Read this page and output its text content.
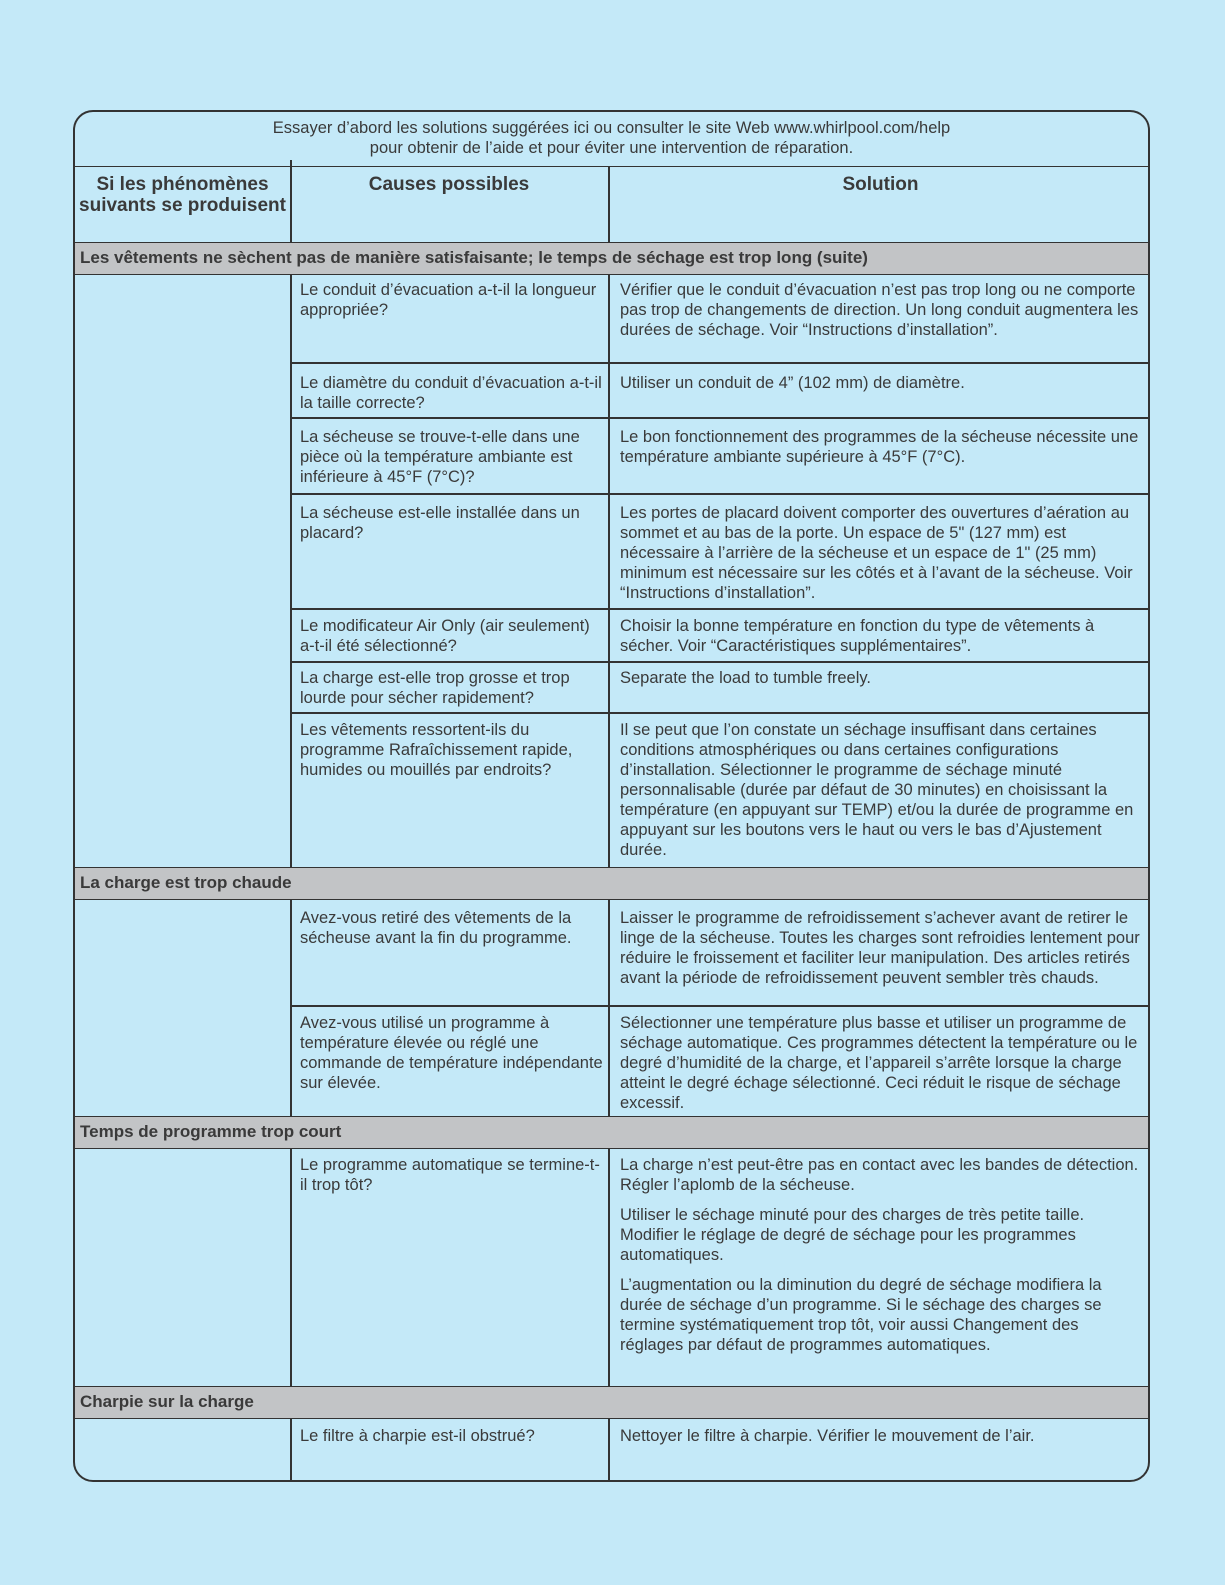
Essayer d’abord les solutions suggérées ici ou consulter le site Web www.whirlpool.com/help
pour obtenir de l’aide et pour éviter une intervention de réparation.
Si les phénomènes suivants se produisent
Causes possibles	Solution
Les vêtements ne sèchent pas de manière satisfaisante; le temps de séchage est trop long (suite)
Le conduit d’évacuation a-t-il la longueur appropriée?
Vérifier que le conduit d’évacuation n’est pas trop long ou ne comporte pas trop de changements de direction. Un long conduit augmentera les durées de séchage. Voir “Instructions d’installation”.
Le diamètre du conduit d’évacuation a-t-il la taille correcte?
Utiliser un conduit de 4” (102 mm) de diamètre.
La sécheuse se trouve-t-elle dans une pièce où la température ambiante est inférieure à 45°F (7°C)?
Le bon fonctionnement des programmes de la sécheuse nécessite une température ambiante supérieure à 45°F (7°C).
La sécheuse est-elle installée dans un placard?
Les portes de placard doivent comporter des ouvertures d’aération au sommet et au bas de la porte. Un espace de 5" (127 mm) est nécessaire à l’arrière de la sécheuse et un espace de 1" (25 mm) minimum est nécessaire sur les côtés et à l’avant de la sécheuse. Voir “Instructions d’installation”.
Le modificateur Air Only (air seulement) a-t-il été sélectionné?
Choisir la bonne température en fonction du type de vêtements à sécher. Voir “Caractéristiques supplémentaires”.
La charge est-elle trop grosse et trop lourde pour sécher rapidement?
Separate the load to tumble freely.
Les vêtements ressortent-ils du programme Rafraîchissement rapide, humides ou mouillés par endroits?
Il se peut que l’on constate un séchage insuffisant dans certaines conditions atmosphériques ou dans certaines configurations d’installation. Sélectionner le programme de séchage minuté personnalisable (durée par défaut de 30 minutes) en choisissant la température (en appuyant sur TEMP) et/ou la durée de programme en appuyant sur les boutons vers le haut ou vers le bas d’Ajustement durée.
La charge est trop chaude
Avez-vous retiré des vêtements de la sécheuse avant la fin du programme.
Laisser le programme de refroidissement s’achever avant de retirer le linge de la sécheuse. Toutes les charges sont refroidies lentement pour réduire le froissement et faciliter leur manipulation. Des articles retirés avant la période de refroidissement peuvent sembler très chauds.
Avez-vous utilisé un programme à température élevée ou réglé une commande de température indépendante sur élevée.
Sélectionner une température plus basse et utiliser un programme de séchage automatique. Ces programmes détectent la température ou le degré d’humidité de la charge, et l’appareil s’arrête lorsque la charge atteint le degré échage sélectionné. Ceci réduit le risque de séchage excessif.
Temps de programme trop court
Le programme automatique se termine-t-il trop tôt?

La charge n’est peut-être pas en contact avec les bandes de détection. Régler l’aplomb de la sécheuse.

Utiliser le séchage minuté pour des charges de très petite taille. Modifier le réglage de degré de séchage pour les programmes automatiques.

L’augmentation ou la diminution du degré de séchage modifiera la durée de séchage d’un programme. Si le séchage des charges se termine systématiquement trop tôt, voir aussi Changement des réglages par défaut de programmes automatiques.

Charpie sur la charge
Le filtre à charpie est-il obstrué?	Nettoyer le filtre à charpie. Vérifier le mouvement de l’air.
